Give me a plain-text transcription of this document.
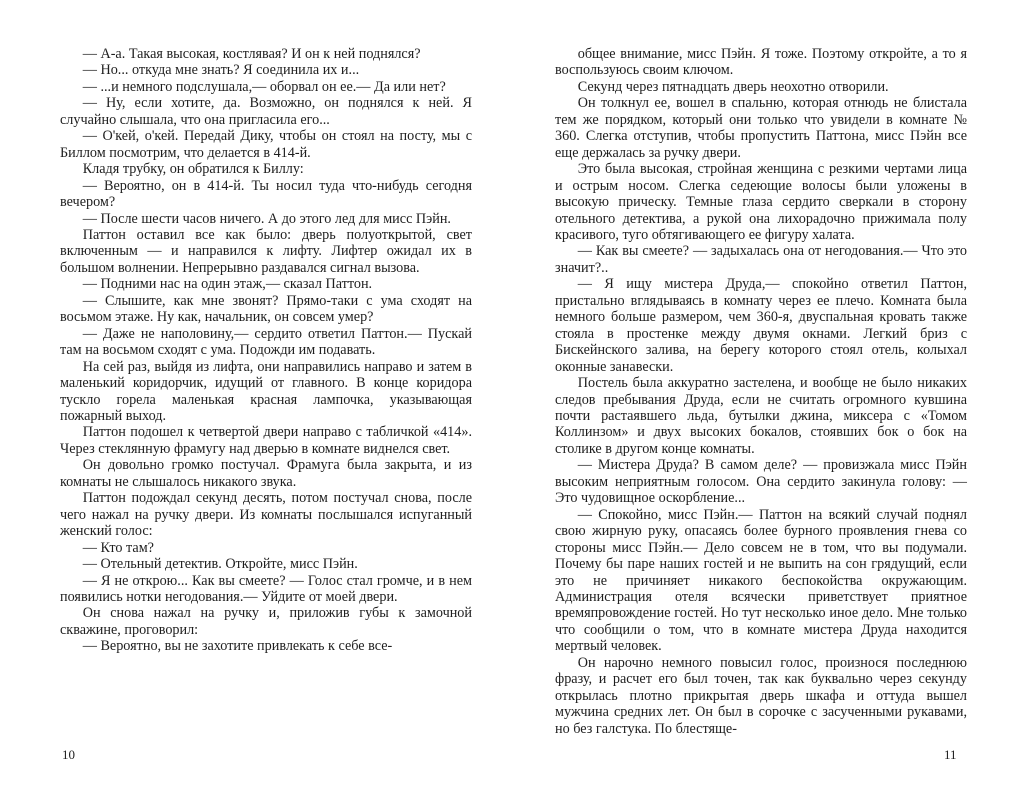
— А-а. Такая высокая, костлявая? И он к ней поднялся?

— Но... откуда мне знать? Я соединила их и...

— ...и немного подслушала,— оборвал он ее.— Да или нет?

— Ну, если хотите, да. Возможно, он поднялся к ней. Я случайно слышала, что она пригласила его...

— О'кей, о'кей. Передай Дику, чтобы он стоял на посту, мы с Биллом посмотрим, что делается в 414-й.

Кладя трубку, он обратился к Биллу:

— Вероятно, он в 414-й. Ты носил туда что-нибудь сегодня вечером?

— После шести часов ничего. А до этого лед для мисс Пэйн.

Паттон оставил все как было: дверь полуоткрытой, свет включенным — и направился к лифту. Лифтер ожидал их в большом волнении. Непрерывно раздавался сигнал вызова.

— Подними нас на один этаж,— сказал Паттон.

— Слышите, как мне звонят? Прямо-таки с ума сходят на восьмом этаже. Ну как, начальник, он совсем умер?

— Даже не наполовину,— сердито ответил Паттон.— Пускай там на восьмом сходят с ума. Подожди им подавать.

На сей раз, выйдя из лифта, они направились направо и затем в маленький коридорчик, идущий от главного. В конце коридора тускло горела маленькая красная лампочка, указывающая пожарный выход.

Паттон подошел к четвертой двери направо с табличкой «414». Через стеклянную фрамугу над дверью в комнате виднелся свет.

Он довольно громко постучал. Фрамуга была закрыта, и из комнаты не слышалось никакого звука.

Паттон подождал секунд десять, потом постучал снова, после чего нажал на ручку двери. Из комнаты послышался испуганный женский голос:

— Кто там?

— Отельный детектив. Откройте, мисс Пэйн.

— Я не открою... Как вы смеете? — Голос стал громче, и в нем появились нотки негодования.— Уйдите от моей двери.

Он снова нажал на ручку и, приложив губы к замочной скважине, проговорил:

— Вероятно, вы не захотите привлекать к себе все-

общее внимание, мисс Пэйн. Я тоже. Поэтому откройте, а то я воспользуюсь своим ключом.

Секунд через пятнадцать дверь неохотно отворили.

Он толкнул ее, вошел в спальню, которая отнюдь не блистала тем же порядком, который они только что увидели в комнате № 360. Слегка отступив, чтобы пропустить Паттона, мисс Пэйн все еще держалась за ручку двери.

Это была высокая, стройная женщина с резкими чертами лица и острым носом. Слегка седеющие волосы были уложены в высокую прическу. Темные глаза сердито сверкали в сторону отельного детектива, а рукой она лихорадочно прижимала полу красивого, туго обтягивающего ее фигуру халата.

— Как вы смеете? — задыхалась она от негодования.— Что это значит?..

— Я ищу мистера Друда,— спокойно ответил Паттон, пристально вглядываясь в комнату через ее плечо. Комната была немного больше размером, чем 360-я, двуспальная кровать также стояла в простенке между двумя окнами. Легкий бриз с Бискейнского залива, на берегу которого стоял отель, колыхал оконные занавески.

Постель была аккуратно застелена, и вообще не было никаких следов пребывания Друда, если не считать огромного кувшина почти растаявшего льда, бутылки джина, миксера с «Томом Коллинзом» и двух высоких бокалов, стоявших бок о бок на столике в другом конце комнаты.

— Мистера Друда? В самом деле? — провизжала мисс Пэйн высоким неприятным голосом. Она сердито закинула голову: — Это чудовищное оскорбление...

— Спокойно, мисс Пэйн.— Паттон на всякий случай поднял свою жирную руку, опасаясь более бурного проявления гнева со стороны мисс Пэйн.— Дело совсем не в том, что вы подумали. Почему бы паре наших гостей и не выпить на сон грядущий, если это не причиняет никакого беспокойства окружающим. Администрация отеля всячески приветствует приятное времяпровождение гостей. Но тут несколько иное дело. Мне только что сообщили о том, что в комнате мистера Друда находится мертвый человек.

Он нарочно немного повысил голос, произнося последнюю фразу, и расчет его был точен, так как буквально через секунду открылась плотно прикрытая дверь шкафа и оттуда вышел мужчина средних лет. Он был в сорочке с засученными рукавами, но без галстука. По блестяще-

10	11
